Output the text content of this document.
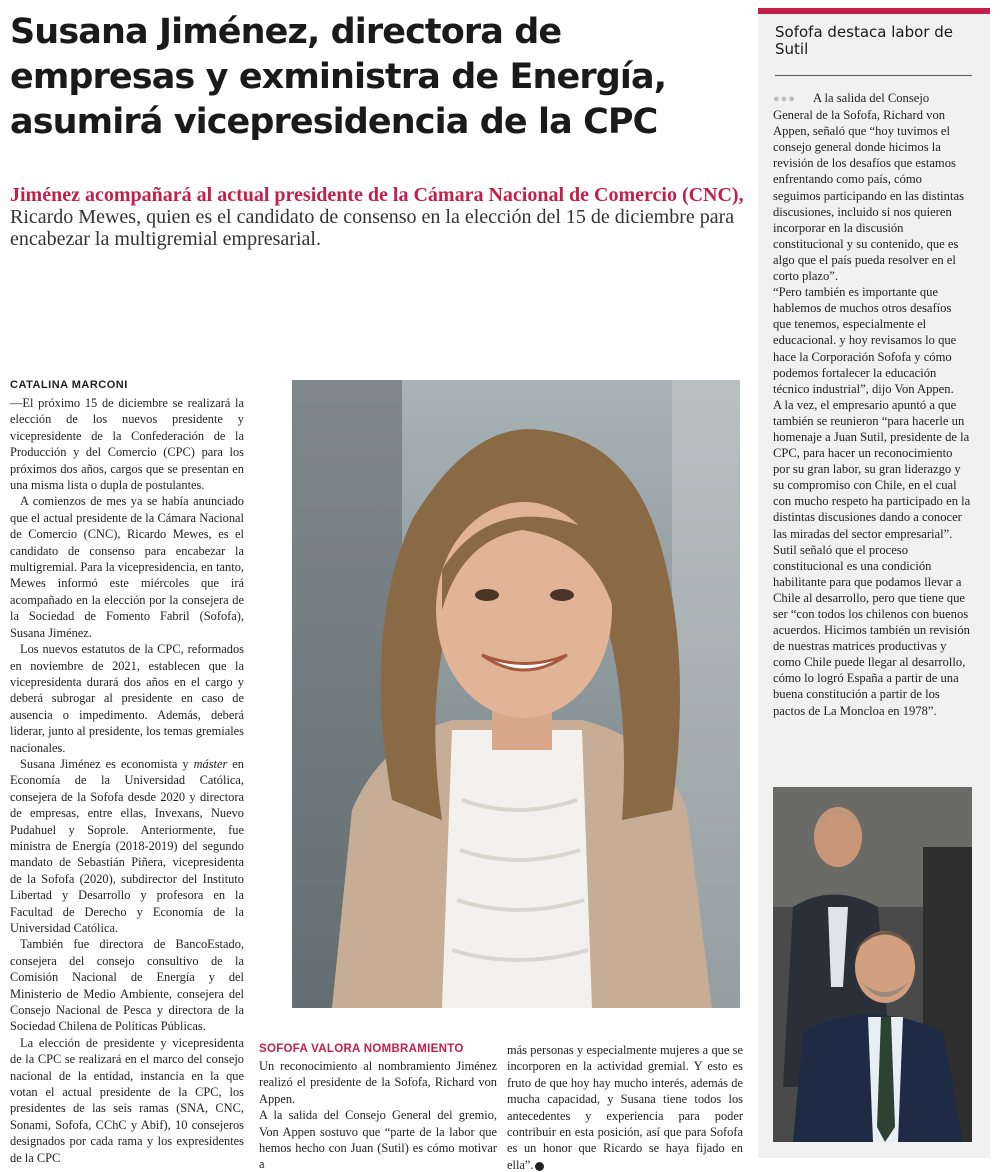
Susana Jiménez, directora de
empresas y exministra de Energía,
asumirá vicepresidencia de la CPC
Jiménez acompañará al actual presidente de la Cámara Nacional de Comercio (CNC), Ricardo Mewes, quien es el candidato de consenso en la elección del 15 de diciembre para encabezar la multigremial empresarial.
CATALINA MARCONI

—El próximo 15 de diciembre se realizará la elección de los nuevos presidente y vicepresidente de la Confederación de la Producción y del Comercio (CPC) para los próximos dos años, cargos que se presentan en una misma lista o dupla de postulantes.

A comienzos de mes ya se había anunciado que el actual presidente de la Cámara Nacional de Comercio (CNC), Ricardo Mewes, es el candidato de consenso para encabezar la multigremial. Para la vicepresidencia, en tanto, Mewes informó este miércoles que irá acompañado en la elección por la consejera de la Sociedad de Fomento Fabril (Sofofa), Susana Jiménez.

Los nuevos estatutos de la CPC, reformados en noviembre de 2021, establecen que la vicepresidenta durará dos años en el cargo y deberá subrogar al presidente en caso de ausencia o impedimento. Además, deberá liderar, junto al presidente, los temas gremiales nacionales.

Susana Jiménez es economista y máster en Economía de la Universidad Católica, consejera de la Sofofa desde 2020 y directora de empresas, entre ellas, Invexans, Nuevo Pudahuel y Soprole. Anteriormente, fue ministra de Energía (2018-2019) del segundo mandato de Sebastián Piñera, vicepresidenta de la Sofofa (2020), subdirector del Instituto Libertad y Desarrollo y profesora en la Facultad de Derecho y Economía de la Universidad Católica.

También fue directora de BancoEstado, consejera del consejo consultivo de la Comisión Nacional de Energía y del Ministerio de Medio Ambiente, consejera del Consejo Nacional de Pesca y directora de la Sociedad Chilena de Políticas Públicas.

La elección de presidente y vicepresidenta de la CPC se realizará en el marco del consejo nacional de la entidad, instancia en la que votan el actual presidente de la CPC, los presidentes de las seis ramas (SNA, CNC, Sonami, Sofofa, CChC y Abif), 10 consejeros designados por cada rama y los expresidentes de la CPC

SOFOFA VALORA NOMBRAMIENTO

Un reconocimiento al nombramiento Jiménez realizó el presidente de la Sofofa, Richard von Appen.

A la salida del Consejo General del gremio, Von Appen sostuvo que “parte de la labor que hemos hecho con Juan (Sutil) es cómo motivar a

más personas y especialmente mujeres a que se incorporen en la actividad gremial. Y esto es fruto de que hoy hay mucho interés, además de mucha capacidad, y Susana tiene todos los antecedentes y experiencia para poder contribuir en esta posición, así que para Sofofa es un honor que Ricardo se haya fijado en ella”.

Sofofa destaca labor de Sutil

●●● A la salida del Consejo General de la Sofofa, Richard von Appen, señaló que “hoy tuvimos el consejo general donde hicimos la revisión de los desafíos que estamos enfrentando como país, cómo seguimos participando en las distintas discusiones, incluido si nos quieren incorporar en la discusión constitucional y su contenido, que es algo que el país pueda resolver en el corto plazo”.

“Pero también es importante que hablemos de muchos otros desafíos que tenemos, especialmente el educacional. y hoy revisamos lo que hace la Corporación Sofofa y cómo podemos fortalecer la educación técnico industrial”, dijo Von Appen.

A la vez, el empresario apuntó a que también se reunieron “para hacerle un homenaje a Juan Sutil, presidente de la CPC, para hacer un reconocimiento por su gran labor, su gran liderazgo y su compromiso con Chile, en el cual con mucho respeto ha participado en la distintas discusiones dando a conocer las miradas del sector empresarial”.

Sutil señaló que el proceso constitucional es una condición habilitante para que podamos llevar a Chile al desarrollo, pero que tiene que ser “con todos los chilenos con buenos acuerdos. Hicimos también un revisión de nuestras matrices productivas y como Chile puede llegar al desarrollo, cómo lo logró España a partir de una buena constitución a partir de los pactos de La Moncloa en 1978”.
